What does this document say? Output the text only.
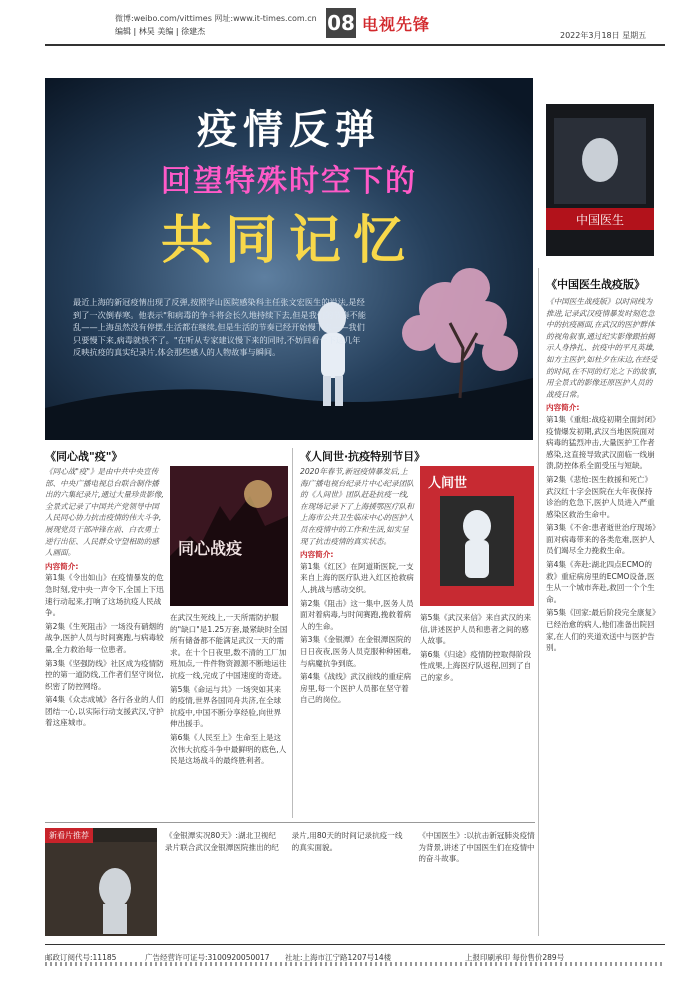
微博:weibo.com/vittimes 网址:www.it-times.com.cn
编辑 | 林昊 美编 | 徐建杰	08 电视先锋
2022年3月18日 星期五
疫情反弹
回望特殊时空下的
共同记忆
最近上海的新冠疫情出现了反弹,按照学山医院感染科主任张文宏医生的说法,是经到了一次倒春寒。他表示"和病毒的争斗将会长久地持续下去,但是我们的节奏不能乱——上海虽然没有停摆,生活都在继续,但是生活的节奏已经开始慢下来——我们只要慢下来,病毒就快不了。"在听从专家建议慢下来的同时,不妨回看一下这几年反映抗疫的真实纪录片,体会那些感人的人物故事与瞬间。
中国医生
《中国医生战疫版》
《中国医生战疫版》以时间线为推进,记录武汉疫情暴发时刻危急中的抗疫画面,在武汉的医护群体的视角叙事,通过纪实影像跟拍揭示人身挣扎、抗疫中的平凡英雄,如方主医护,如杜夕在床边,在经受的时间,在不同的灯光之下的故事,用全景式的影像还原医护人员的战疫日常。
内容简介:
第1集《重组:战疫初期全面封闭》疫情爆发初期,武汉当地医院面对病毒的猛烈冲击,大量医护工作者感染,这直接导致武汉面临一线崩溃,防控体系全面受压与短缺。
第2集《悲怆:医生救援和死亡》武汉红十字会医院在大年夜保持诊治的危急下,医护人员进入严重感染区救治生命中。
第3集《不舍:患者逝世治疗现场》面对病毒带来的各类危难,医护人员们竭尽全力挽救生命。
第4集《奔赴:湖北四点ECMO的救》重症病房里的ECMO设备,医生从一个城市奔赴,救回一个个生命。
第5集《回家:最后阶段完全康复》已经治愈的病人,他们准备出院回家,在人们的夹道欢送中与医护告别。
《同心战"疫"》
《同心战"疫"》是由中共中央宣传部、中央广播电视总台联合制作播出的六集纪录片,通过大量珍贵影像,全景式记录了中国共产党领导中国人民同心协力抗击疫情的伟大斗争,展现党员干部冲锋在前、白衣勇士逆行出征、人民群众守望相助的感人画面。
内容简介:
第1集《令出如山》在疫情暴发的危急时刻,党中央一声令下,全国上下迅速行动起来,打响了这场抗疫人民战争。
第2集《生死阻击》一场没有硝烟的战争,医护人员与时间赛跑,与病毒较量,全力救治每一位患者。
第3集《坚强防线》社区成为疫情防控的第一道防线,工作者们坚守岗位,织密了防控网络。
第4集《众志成城》各行各业的人们团结一心,以实际行动支援武汉,守护着这座城市。
同心战疫
在武汉生死线上,一天所需防护服的"缺口"是1.25万套,最紧缺时全国所有储备都不能满足武汉一天的需求。在十个日夜里,数不清的工厂加班加点,一件件物资源源不断地运往抗疫一线,完成了中国速度的奇迹。
第5集《命运与共》一场突如其来的疫情,世界各国同舟共济,在全球抗疫中,中国不断分享经验,向世界伸出援手。
第6集《人民至上》生命至上是这次伟大抗疫斗争中最鲜明的底色,人民是这场战斗的最终胜利者。
《人间世·抗疫特别节目》
2020年春节,新冠疫情暴发后,上海广播电视台纪录片中心纪录团队的《人间世》团队赶赴抗疫一线,在现场记录下了上海援鄂医疗队和上海市公共卫生临床中心的医护人员在疫情中的工作和生活,如实呈现了抗击疫情的真实状态。
内容简介:
第1集《红区》在阿道斯医院,一支来自上海的医疗队进入红区抢救病人,挑战与感动交织。
第2集《阻击》这一集中,医务人员面对着病毒,与时间赛跑,挽救着病人的生命。
第3集《金银潭》在金银潭医院的日日夜夜,医务人员克服种种困难,与病魔抗争到底。
第4集《战线》武汉前线的重症病房里,每一个医护人员都在坚守着自己的岗位。
人间世
第5集《武汉来信》来自武汉的来信,讲述医护人员和患者之间的感人故事。
第6集《归途》疫情防控取得阶段性成果,上海医疗队返程,回到了自己的家乡。
新看片推荐	《金银潭实况80天》:湖北卫视纪录片联合武汉金银潭医院推出的纪录片,用80天的时间记录抗疫一线的真实面貌。
《中国医生》:以抗击新冠肺炎疫情为背景,讲述了中国医生们在疫情中的奋斗故事。
邮政订阅代号:11185	广告经营许可证号:3100920050017 社址:上海市江宁路1207号14楼	上报印刷承印 每份售价289号
